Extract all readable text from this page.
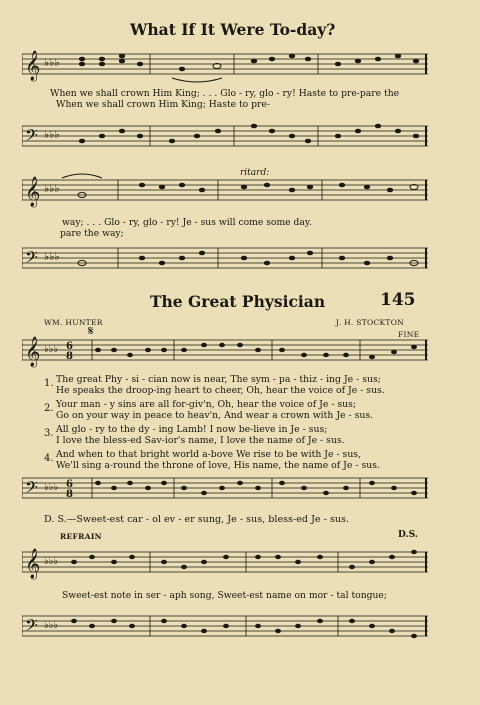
What If It Were To-day?
𝄞 ♭♭♭
When we shall crown Him King; . . . Glo - ry, glo - ry! Haste to pre-pare the
When we shall crown Him King; Haste to pre-
𝄢 ♭♭♭
ritard:
𝄞 ♭♭♭
way; . . . Glo - ry, glo - ry! Je - sus will come some day.
pare the way;
𝄢 ♭♭♭
The Great Physician	145
WM. HUNTER	J. H. STOCKTON
FINE
𝄋
𝄞 ♭♭♭ 6
8
1. The great Phy - si - cian now is near, The sym - pa - thiz - ing Je - sus;
He speaks the droop-ing heart to cheer, Oh, hear the voice of Je - sus.
2. Your man - y sins are all for-giv'n, Oh, hear the voice of Je - sus;
Go on your way in peace to heav'n, And wear a crown with Je - sus.
3. All glo - ry to the dy - ing Lamb! I now be-lieve in Je - sus;
I love the bless-ed Sav-ior's name, I love the name of Je - sus.
4. And when to that bright world a-bove We rise to be with Je - sus,
We'll sing a-round the throne of love, His name, the name of Je - sus.
𝄢 ♭♭♭ 6
8
D. S.—Sweet-est car - ol ev - er sung, Je - sus, bless-ed Je - sus.
REFRAIN	D.S.
𝄞 ♭♭♭
Sweet-est note in ser - aph song, Sweet-est name on mor - tal tongue;
𝄢 ♭♭♭
